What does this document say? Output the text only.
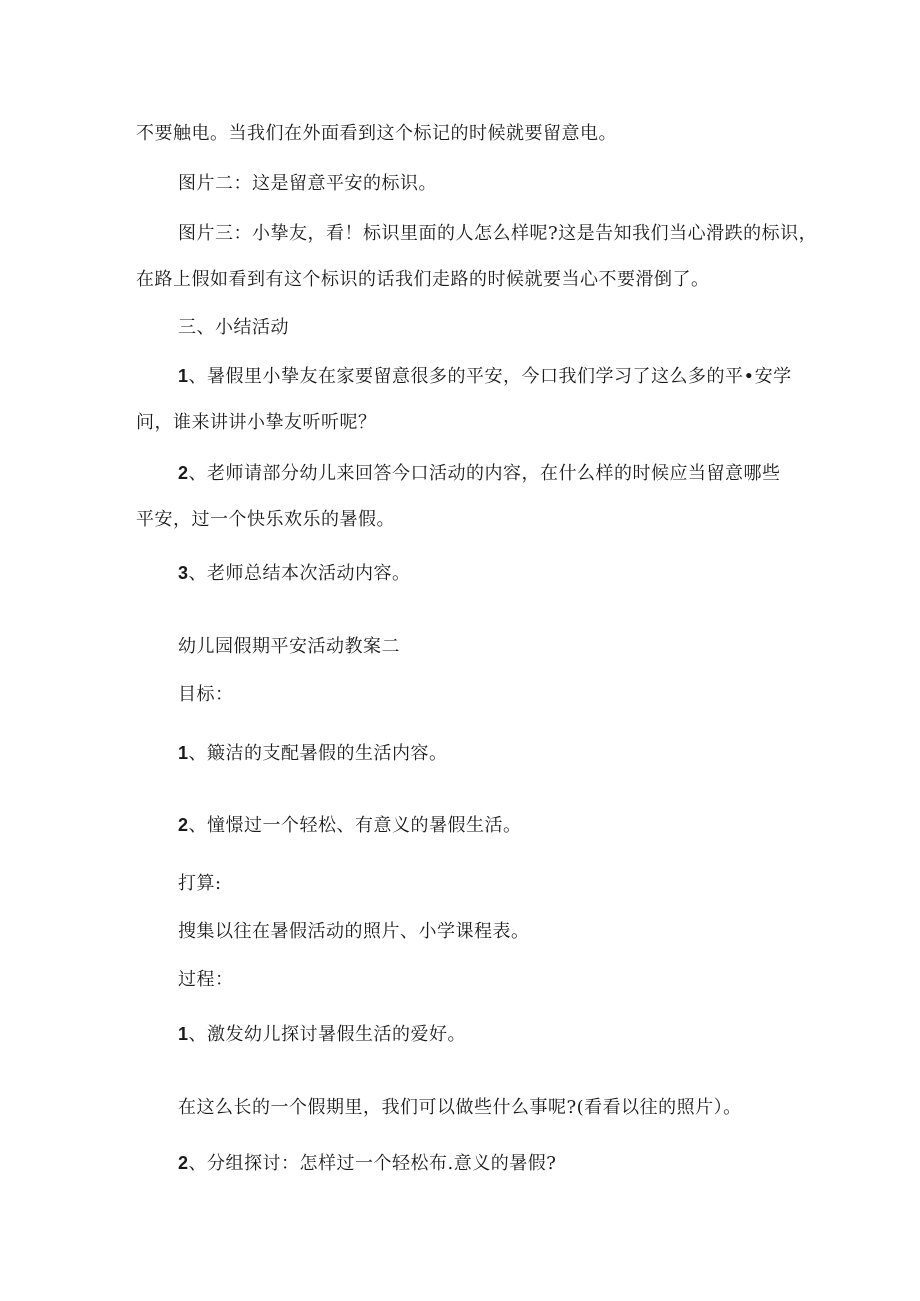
不要触电。当我们在外面看到这个标记的时候就要留意电。
图片二：这是留意平安的标识。
图片三：小挚友，看！标识里面的人怎么样呢?这是告知我们当心滑跌的标识，
在路上假如看到有这个标识的话我们走路的时候就要当心不要滑倒了。
三、小结活动
1、暑假里小挚友在家要留意很多的平安，今口我们学习了这么多的平•安学
问，谁来讲讲小挚友听听呢？
2、老师请部分幼儿来回答今口活动的内容，在什么样的时候应当留意哪些
平安，过一个快乐欢乐的暑假。
3、老师总结本次活动内容。
幼儿园假期平安活动教案二
目标：
1、簸洁的支配暑假的生活内容。
2、憧憬过一个轻松、有意义的暑假生活。
打算:
搜集以往在暑假活动的照片、小学课程表。
过程：
1、激发幼儿探讨暑假生活的爱好。
在这么长的一个假期里，我们可以做些什么事呢?(看看以往的照片）。
2、分组探讨：怎样过一个轻松布.意义的暑假?
